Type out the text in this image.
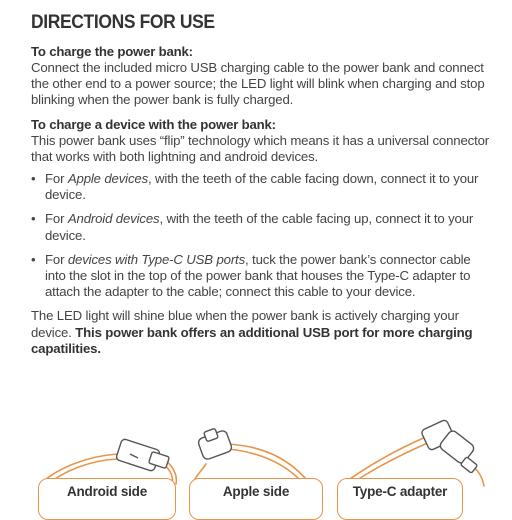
DIRECTIONS FOR USE
To charge the power bank:

Connect the included micro USB charging cable to the power bank and connect the other end to a power source; the LED light will blink when charging and stop blinking when the power bank is fully charged.

To charge a device with the power bank:

This power bank uses “flip” technology which means it has a universal connector that works with both lightning and android devices.

• For Apple devices, with the teeth of the cable facing down, connect it to your device.
• For Android devices, with the teeth of the cable facing up, connect it to your device.
• For devices with Type-C USB ports, tuck the power bank’s connector cable into the slot in the top of the power bank that houses the Type-C adapter to attach the adapter to the cable; connect this cable to your device.

The LED light will shine blue when the power bank is actively charging your device. This power bank offers an additional USB port for more charging capatilities.

Android side	Apple side	Type-C adapter
